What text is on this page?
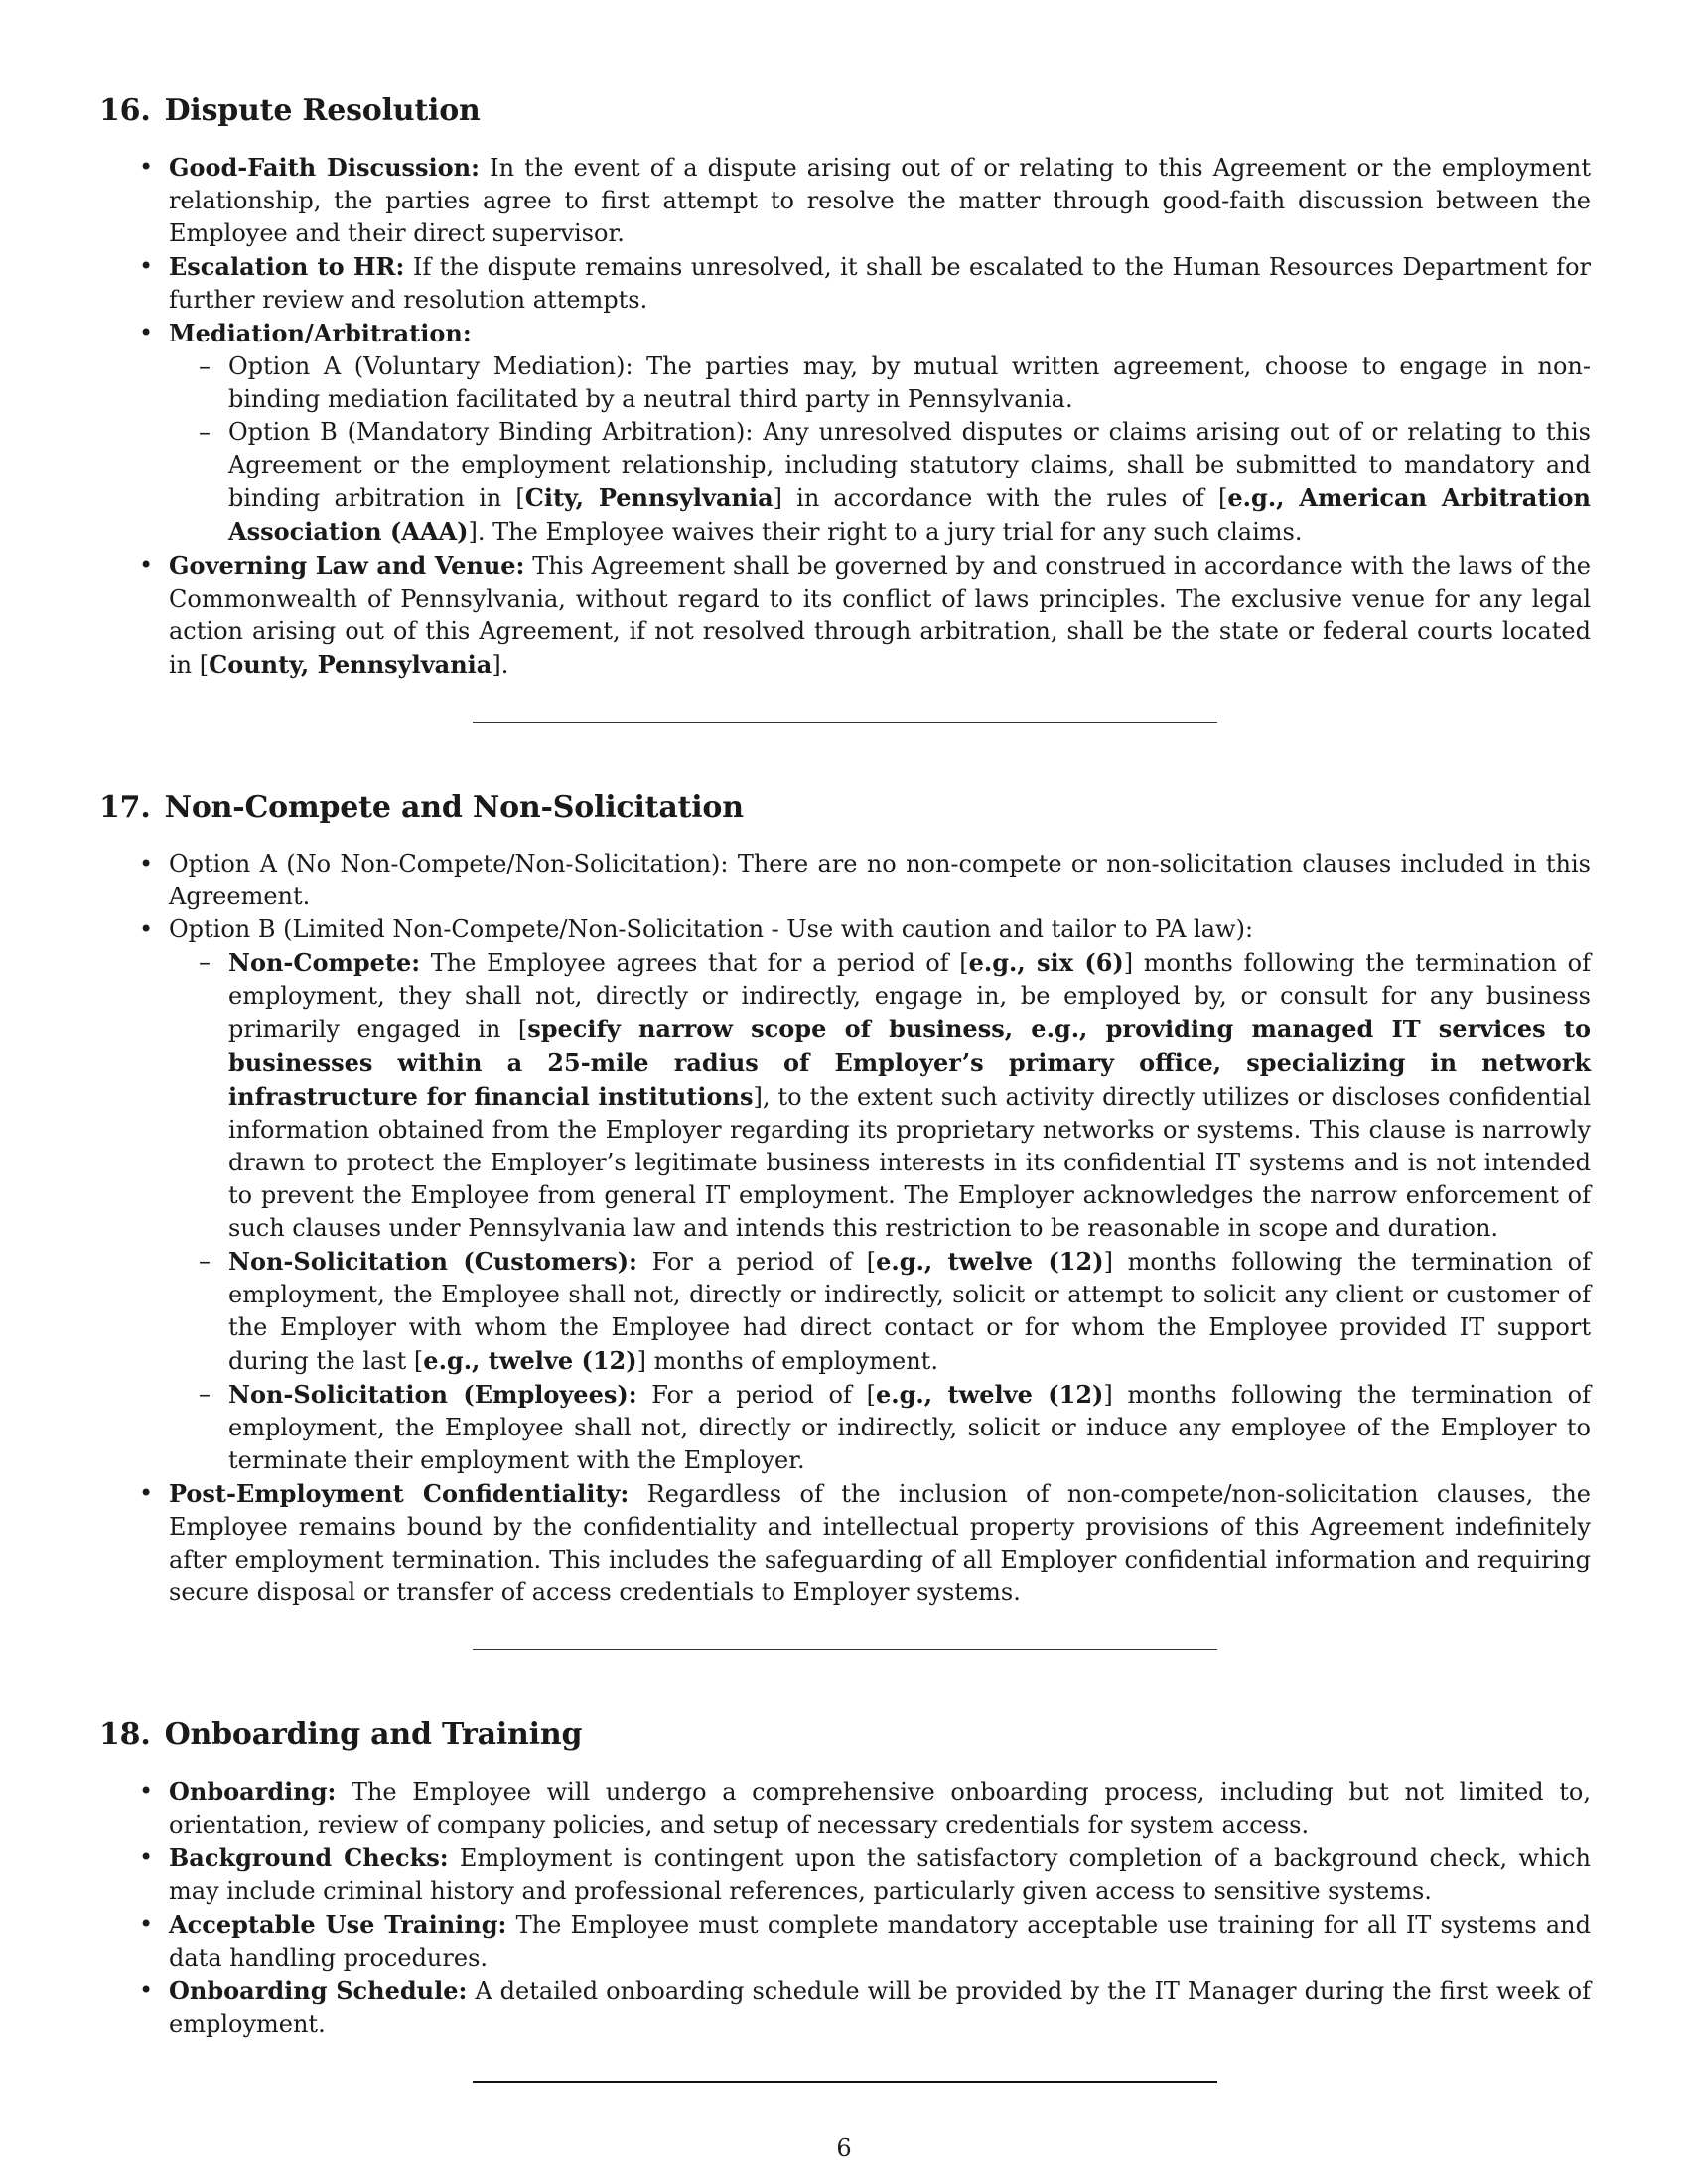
16. Dispute Resolution
• Good-Faith Discussion: In the event of a dispute arising out of or relating to this Agreement or the employment relationship, the parties agree to first attempt to resolve the matter through good-faith discussion between the Employee and their direct supervisor.
• Escalation to HR: If the dispute remains unresolved, it shall be escalated to the Human Resources Department for further review and resolution attempts.
• Mediation/Arbitration:
– Option A (Voluntary Mediation): The parties may, by mutual written agreement, choose to engage in non-binding mediation facilitated by a neutral third party in Pennsylvania.
– Option B (Mandatory Binding Arbitration): Any unresolved disputes or claims arising out of or relating to this Agreement or the employment relationship, including statutory claims, shall be submitted to mandatory and binding arbitration in [City, Pennsylvania] in accordance with the rules of [e.g., American Arbitration Association (AAA)]. The Employee waives their right to a jury trial for any such claims.
• Governing Law and Venue: This Agreement shall be governed by and construed in accordance with the laws of the Commonwealth of Pennsylvania, without regard to its conflict of laws principles. The exclusive venue for any legal action arising out of this Agreement, if not resolved through arbitration, shall be the state or federal courts located in [County, Pennsylvania].
17. Non-Compete and Non-Solicitation
• Option A (No Non-Compete/Non-Solicitation): There are no non-compete or non-solicitation clauses included in this Agreement.
• Option B (Limited Non-Compete/Non-Solicitation - Use with caution and tailor to PA law):
– Non-Compete: The Employee agrees that for a period of [e.g., six (6)] months following the termination of employment, they shall not, directly or indirectly, engage in, be employed by, or consult for any business primarily engaged in [specify narrow scope of business, e.g., providing managed IT services to businesses within a 25-mile radius of Employer’s primary office, specializing in network infrastructure for financial institutions], to the extent such activity directly utilizes or discloses confidential information obtained from the Employer regarding its proprietary networks or systems. This clause is narrowly drawn to protect the Employer’s legitimate business interests in its confidential IT systems and is not intended to prevent the Employee from general IT employment. The Employer acknowledges the narrow enforcement of such clauses under Pennsylvania law and intends this restriction to be reasonable in scope and duration.
– Non-Solicitation (Customers): For a period of [e.g., twelve (12)] months following the termination of employment, the Employee shall not, directly or indirectly, solicit or attempt to solicit any client or customer of the Employer with whom the Employee had direct contact or for whom the Employee provided IT support during the last [e.g., twelve (12)] months of employment.
– Non-Solicitation (Employees): For a period of [e.g., twelve (12)] months following the termination of employment, the Employee shall not, directly or indirectly, solicit or induce any employee of the Employer to terminate their employment with the Employer.
• Post-Employment Confidentiality: Regardless of the inclusion of non-compete/non-solicitation clauses, the Employee remains bound by the confidentiality and intellectual property provisions of this Agreement indefinitely after employment termination. This includes the safeguarding of all Employer confidential information and requiring secure disposal or transfer of access credentials to Employer systems.
18. Onboarding and Training
• Onboarding: The Employee will undergo a comprehensive onboarding process, including but not limited to, orientation, review of company policies, and setup of necessary credentials for system access.
• Background Checks: Employment is contingent upon the satisfactory completion of a background check, which may include criminal history and professional references, particularly given access to sensitive systems.
• Acceptable Use Training: The Employee must complete mandatory acceptable use training for all IT systems and data handling procedures.
• Onboarding Schedule: A detailed onboarding schedule will be provided by the IT Manager during the first week of employment.
6
